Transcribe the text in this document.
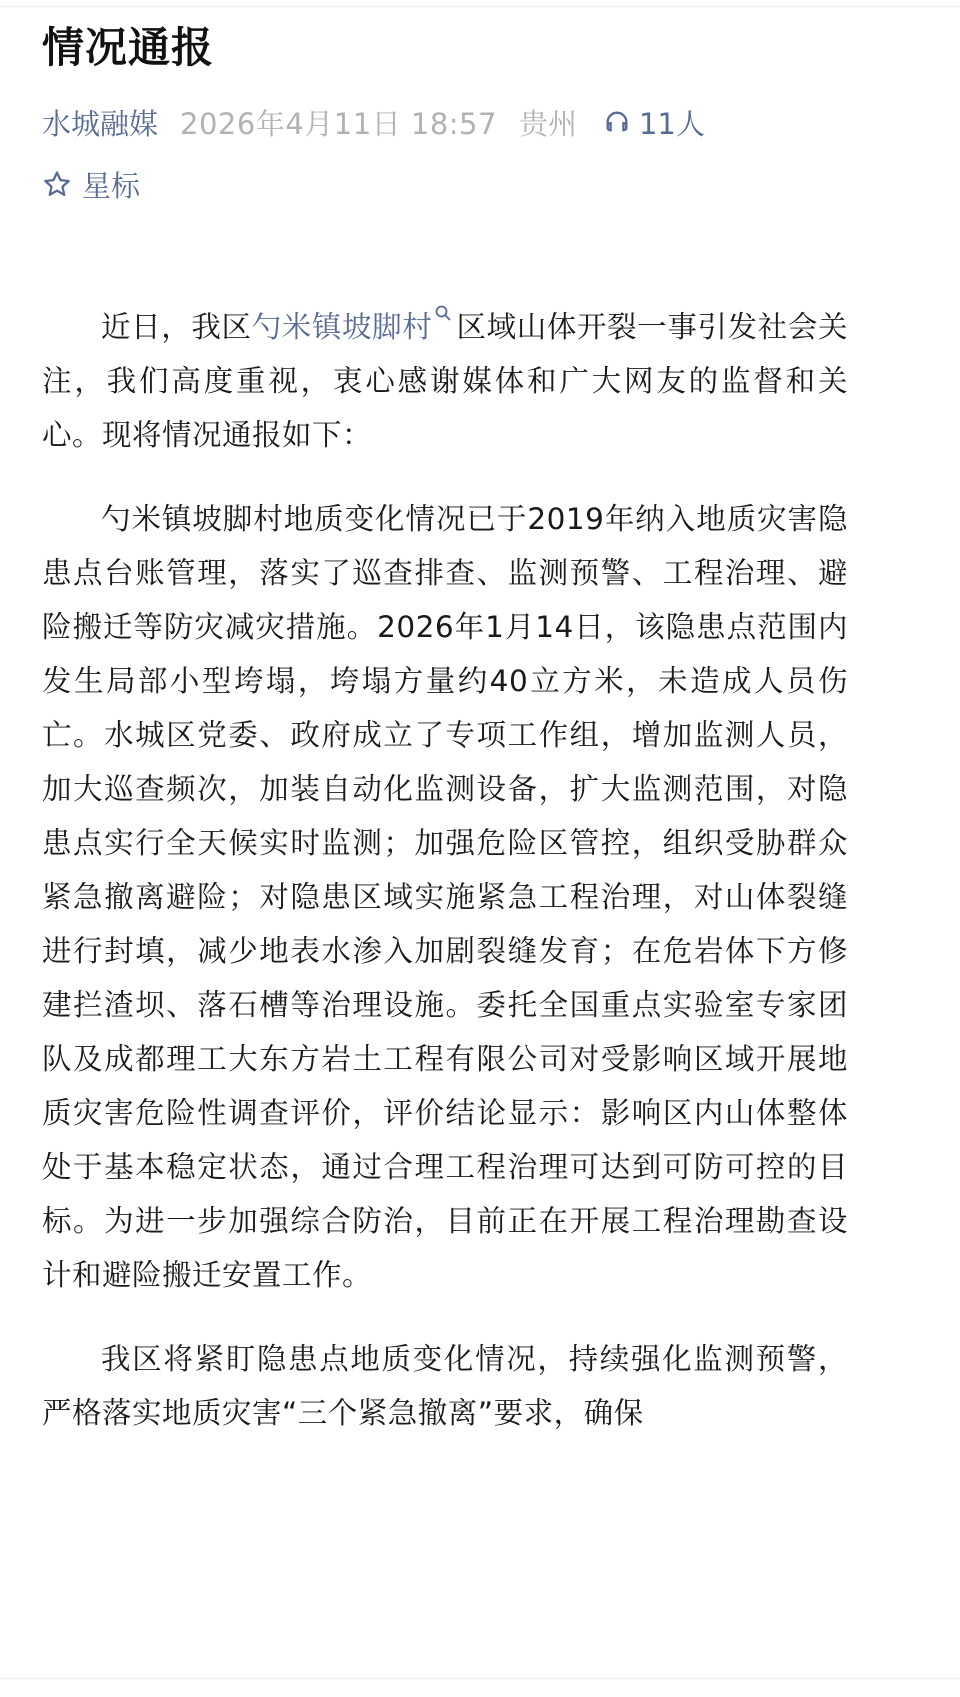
情况通报
水城融媒 2026年4月11日 18:57 贵州 11人
星标

近日，我区勺米镇坡脚村 区域山体开裂一事引发社会关注，我们高度重视，衷心感谢媒体和广大网友的监督和关心。现将情况通报如下：

勺米镇坡脚村地质变化情况已于2019年纳入地质灾害隐患点台账管理，落实了巡查排查、监测预警、工程治理、避险搬迁等防灾减灾措施。2026年1月14日，该隐患点范围内发生局部小型垮塌，垮塌方量约40立方米，未造成人员伤亡。水城区党委、政府成立了专项工作组，增加监测人员，加大巡查频次，加装自动化监测设备，扩大监测范围，对隐患点实行全天候实时监测；加强危险区管控，组织受胁群众紧急撤离避险；对隐患区域实施紧急工程治理，对山体裂缝进行封填，减少地表水渗入加剧裂缝发育；在危岩体下方修建拦渣坝、落石槽等治理设施。委托全国重点实验室专家团队及成都理工大东方岩土工程有限公司对受影响区域开展地质灾害危险性调查评价，评价结论显示：影响区内山体整体处于基本稳定状态，通过合理工程治理可达到可防可控的目标。为进一步加强综合防治，目前正在开展工程治理勘查设计和避险搬迁安置工作。

我区将紧盯隐患点地质变化情况，持续强化监测预警，严格落实地质灾害“三个紧急撤离”要求，确保
